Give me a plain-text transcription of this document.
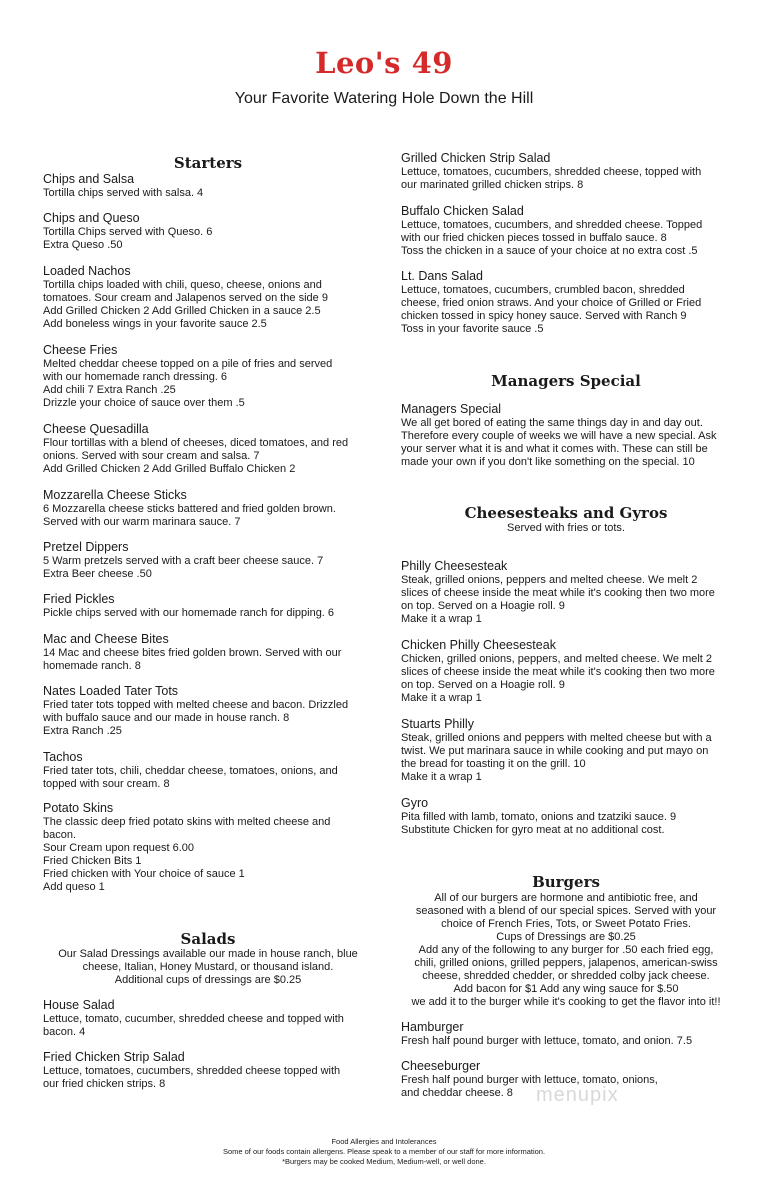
Leo's 49
Your Favorite Watering Hole Down the Hill
Starters
Chips and Salsa
Tortilla chips served with salsa. 4
Chips and Queso
Tortilla Chips served with Queso. 6
Extra Queso .50
Loaded Nachos
Tortilla chips loaded with chili, queso, cheese, onions and
tomatoes. Sour cream and Jalapenos served on the side 9
Add Grilled Chicken 2 Add Grilled Chicken in a sauce 2.5
Add boneless wings in your favorite sauce 2.5
Cheese Fries
Melted cheddar cheese topped on a pile of fries and served
with our homemade ranch dressing. 6
Add chili 7 Extra Ranch .25
Drizzle your choice of sauce over them .5
Cheese Quesadilla
Flour tortillas with a blend of cheeses, diced tomatoes, and red
onions. Served with sour cream and salsa. 7
Add Grilled Chicken 2 Add Grilled Buffalo Chicken 2
Mozzarella Cheese Sticks
6 Mozzarella cheese sticks battered and fried golden brown.
Served with our warm marinara sauce. 7
Pretzel Dippers
5 Warm pretzels served with a craft beer cheese sauce. 7
Extra Beer cheese .50
Fried Pickles
Pickle chips served with our homemade ranch for dipping. 6
Mac and Cheese Bites
14 Mac and cheese bites fried golden brown. Served with our
homemade ranch. 8
Nates Loaded Tater Tots
Fried tater tots topped with melted cheese and bacon. Drizzled
with buffalo sauce and our made in house ranch. 8
Extra Ranch .25
Tachos
Fried tater tots, chili, cheddar cheese, tomatoes, onions, and
topped with sour cream. 8
Potato Skins
The classic deep fried potato skins with melted cheese and
bacon.
Sour Cream upon request 6.00
Fried Chicken Bits 1
Fried chicken with Your choice of sauce 1
Add queso 1
Salads
Our Salad Dressings available our made in house ranch, blue
cheese, Italian, Honey Mustard, or thousand island.
Additional cups of dressings are $0.25
House Salad
Lettuce, tomato, cucumber, shredded cheese and topped with
bacon. 4
Fried Chicken Strip Salad
Lettuce, tomatoes, cucumbers, shredded cheese topped with
our fried chicken strips. 8
Grilled Chicken Strip Salad
Lettuce, tomatoes, cucumbers, shredded cheese, topped with
our marinated grilled chicken strips. 8
Buffalo Chicken Salad
Lettuce, tomatoes, cucumbers, and shredded cheese. Topped
with our fried chicken pieces tossed in buffalo sauce. 8
Toss the chicken in a sauce of your choice at no extra cost .5
Lt. Dans Salad
Lettuce, tomatoes, cucumbers, crumbled bacon, shredded
cheese, fried onion straws. And your choice of Grilled or Fried
chicken tossed in spicy honey sauce. Served with Ranch 9
Toss in your favorite sauce .5
Managers Special
Managers Special
We all get bored of eating the same things day in and day out.
Therefore every couple of weeks we will have a new special. Ask
your server what it is and what it comes with. These can still be
made your own if you don't like something on the special. 10
Cheesesteaks and Gyros
Served with fries or tots.
Philly Cheesesteak
Steak, grilled onions, peppers and melted cheese. We melt 2
slices of cheese inside the meat while it's cooking then two more
on top. Served on a Hoagie roll. 9
Make it a wrap 1
Chicken Philly Cheesesteak
Chicken, grilled onions, peppers, and melted cheese. We melt 2
slices of cheese inside the meat while it's cooking then two more
on top. Served on a Hoagie roll. 9
Make it a wrap 1
Stuarts Philly
Steak, grilled onions and peppers with melted cheese but with a
twist. We put marinara sauce in while cooking and put mayo on
the bread for toasting it on the grill. 10
Make it a wrap 1
Gyro
Pita filled with lamb, tomato, onions and tzatziki sauce. 9
Substitute Chicken for gyro meat at no additional cost.
Burgers
All of our burgers are hormone and antibiotic free, and
seasoned with a blend of our special spices. Served with your
choice of French Fries, Tots, or Sweet Potato Fries.
Cups of Dressings are $0.25
Add any of the following to any burger for .50 each fried egg,
chili, grilled onions, grilled peppers, jalapenos, american-swiss
cheese, shredded chedder, or shredded colby jack cheese.
Add bacon for $1 Add any wing sauce for $.50
we add it to the burger while it's cooking to get the flavor into it!!
Hamburger
Fresh half pound burger with lettuce, tomato, and onion. 7.5
Cheeseburger
Fresh half pound burger with lettuce, tomato, onions,
and cheddar cheese. 8	menupix
Food Allergies and Intolerances
Some of our foods contain allergens. Please speak to a member of our staff for more information.
*Burgers may be cooked Medium, Medium-well, or well done.
